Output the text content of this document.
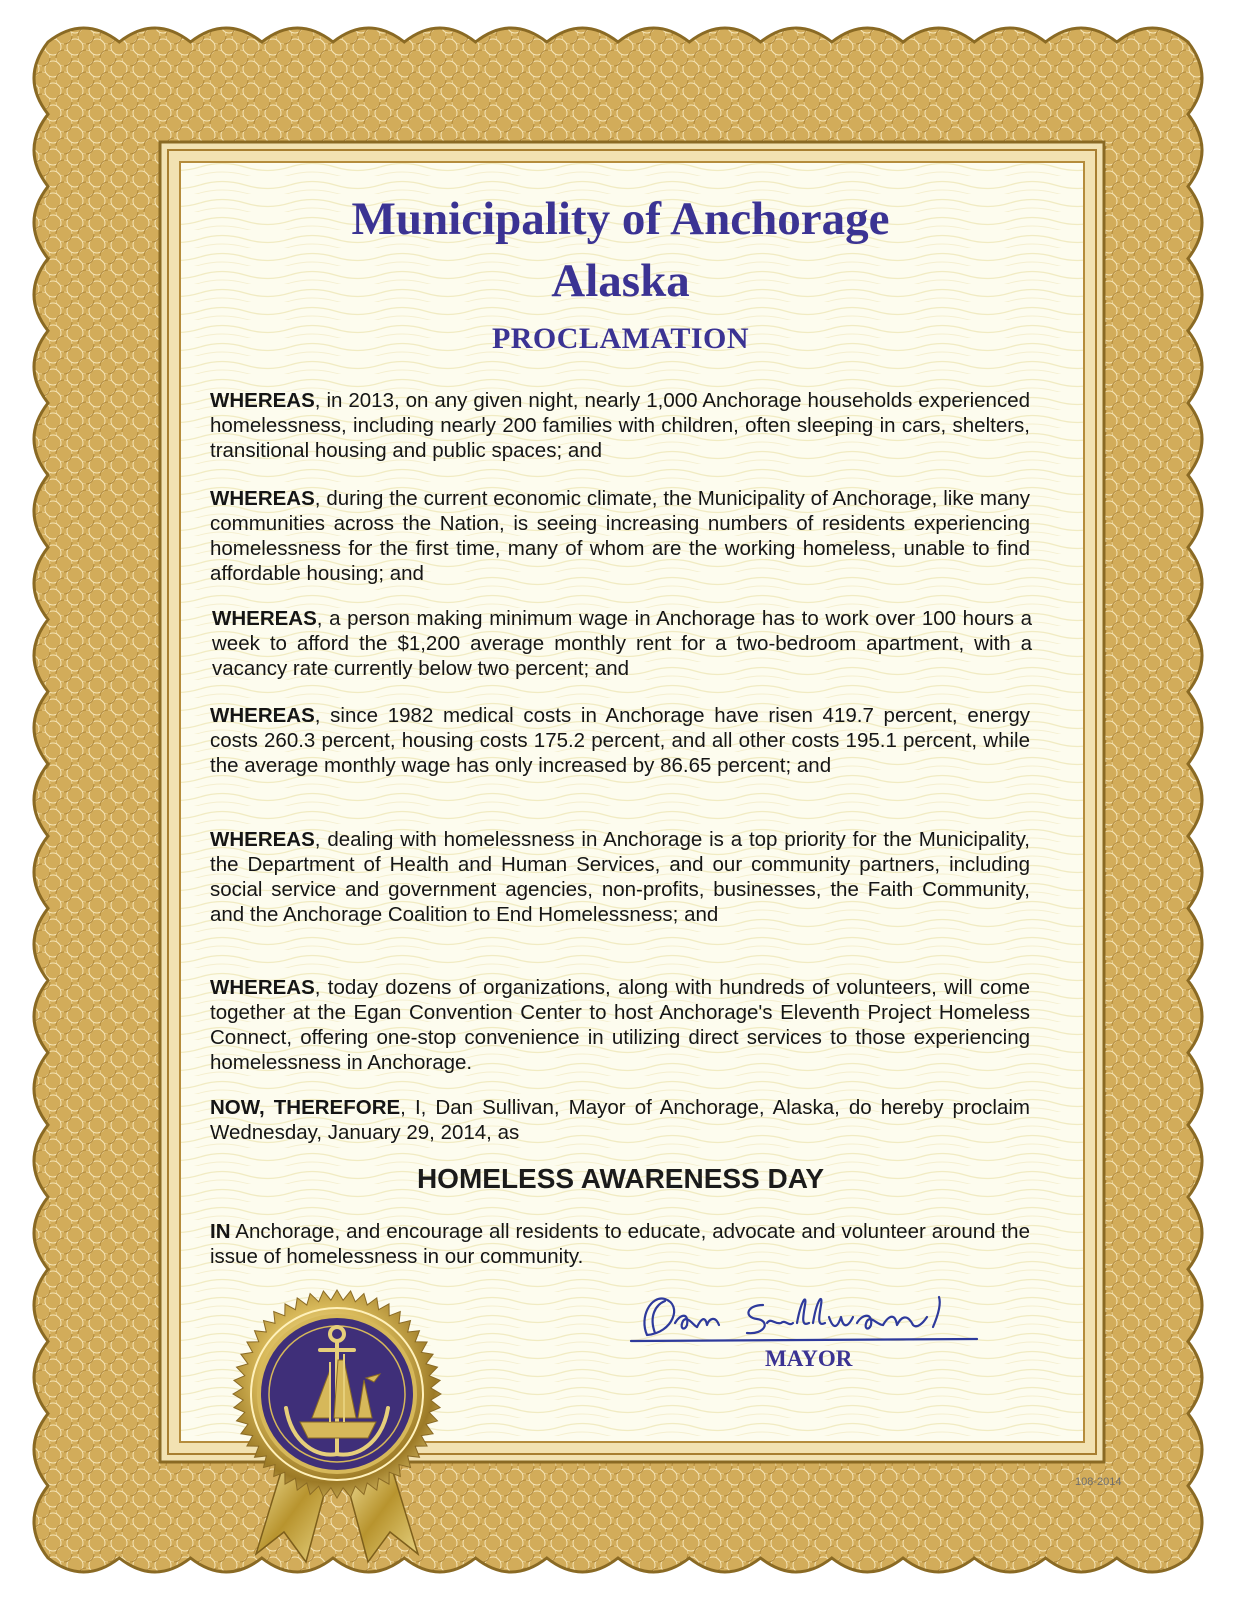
Municipality of Anchorage
Alaska
PROCLAMATION

WHEREAS, in 2013, on any given night, nearly 1,000 Anchorage households experienced homelessness, including nearly 200 families with children, often sleeping in cars, shelters, transitional housing and public spaces; and

WHEREAS, during the current economic climate, the Municipality of Anchorage, like many communities across the Nation, is seeing increasing numbers of residents experiencing homelessness for the first time, many of whom are the working homeless, unable to find affordable housing; and

WHEREAS, a person making minimum wage in Anchorage has to work over 100 hours a week to afford the $1,200 average monthly rent for a two-bedroom apartment, with a vacancy rate currently below two percent; and

WHEREAS, since 1982 medical costs in Anchorage have risen 419.7 percent, energy costs 260.3 percent, housing costs 175.2 percent, and all other costs 195.1 percent, while the average monthly wage has only increased by 86.65 percent; and

WHEREAS, dealing with homelessness in Anchorage is a top priority for the Municipality, the Department of Health and Human Services, and our community partners, including social service and government agencies, non-profits, businesses, the Faith Community, and the Anchorage Coalition to End Homelessness; and

WHEREAS, today dozens of organizations, along with hundreds of volunteers, will come together at the Egan Convention Center to host Anchorage's Eleventh Project Homeless Connect, offering one-stop convenience in utilizing direct services to those experiencing homelessness in Anchorage.

NOW, THEREFORE, I, Dan Sullivan, Mayor of Anchorage, Alaska, do hereby proclaim Wednesday, January 29, 2014, as

HOMELESS AWARENESS DAY

IN Anchorage, and encourage all residents to educate, advocate and volunteer around the issue of homelessness in our community.

MAYOR
108-2014
